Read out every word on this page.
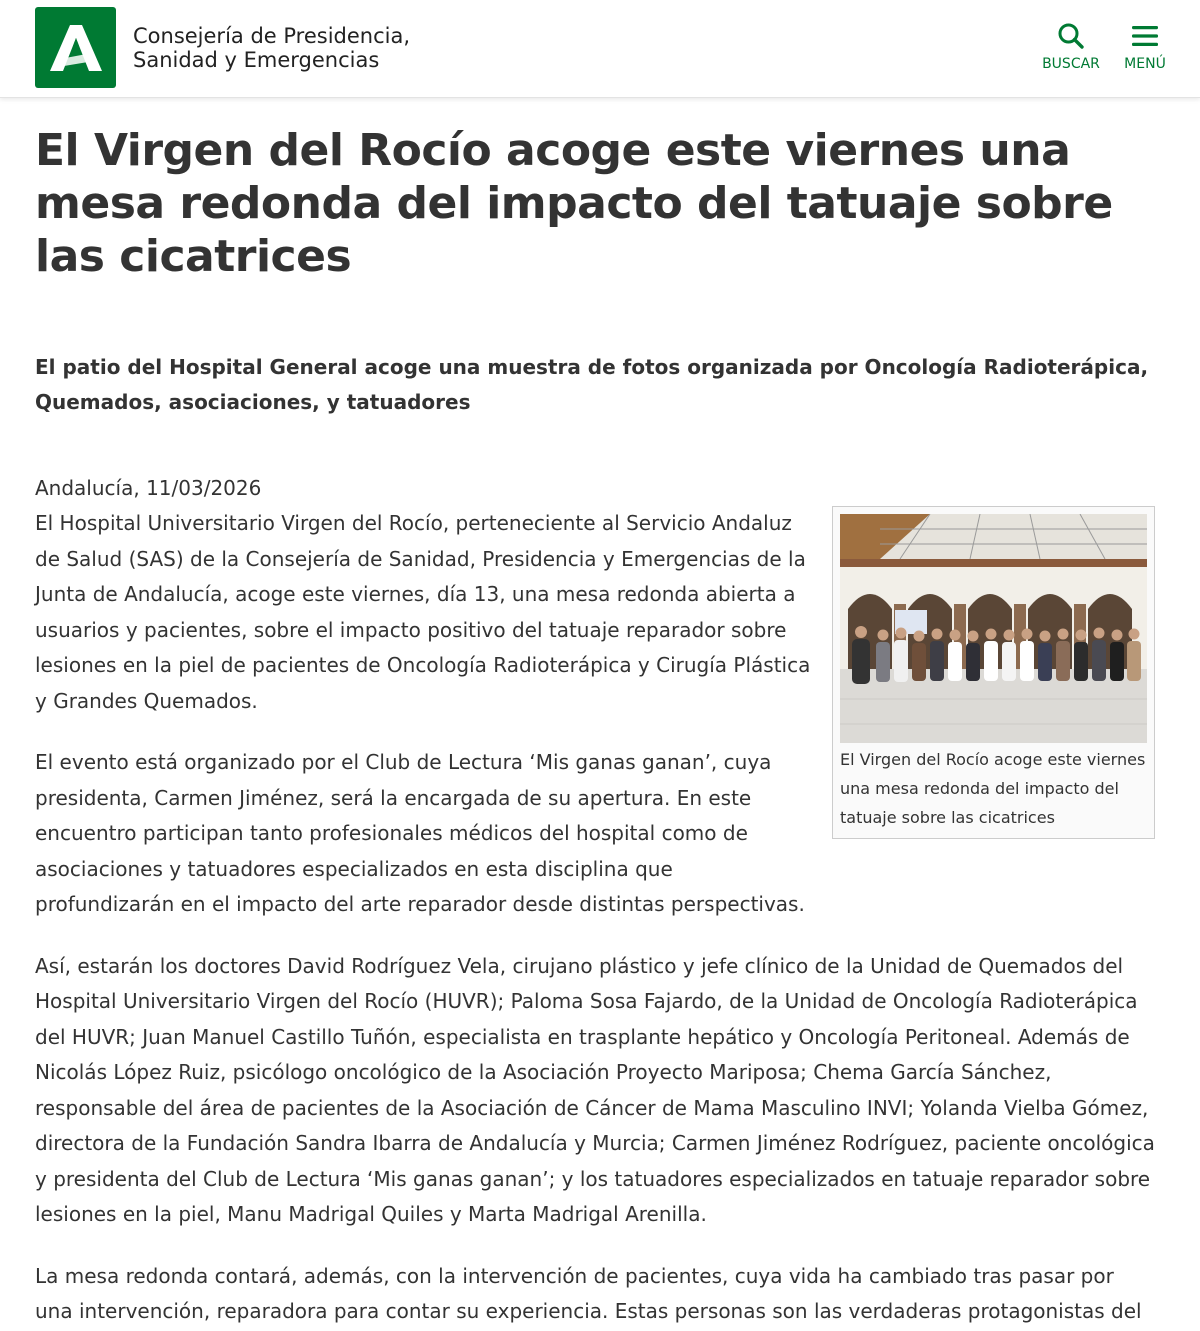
Consejería de Presidencia,
Sanidad y Emergencias	BUSCAR MENÚ
El Virgen del Rocío acoge este viernes una mesa redonda del impacto del tatuaje sobre las cicatrices
El patio del Hospital General acoge una muestra de fotos organizada por Oncología Radioterápica, Quemados, asociaciones, y tatuadores
Andalucía, 11/03/2026
El Virgen del Rocío acoge este viernes una mesa redonda del impacto del tatuaje sobre las cicatrices

El Hospital Universitario Virgen del Rocío, perteneciente al Servicio Andaluz de Salud (SAS) de la Consejería de Sanidad, Presidencia y Emergencias de la Junta de Andalucía, acoge este viernes, día 13, una mesa redonda abierta a usuarios y pacientes, sobre el impacto positivo del tatuaje reparador sobre lesiones en la piel de pacientes de Oncología Radioterápica y Cirugía Plástica y Grandes Quemados.

El evento está organizado por el Club de Lectura ‘Mis ganas ganan’, cuya presidenta, Carmen Jiménez, será la encargada de su apertura. En este encuentro participan tanto profesionales médicos del hospital como de asociaciones y tatuadores especializados en esta disciplina que profundizarán en el impacto del arte reparador desde distintas perspectivas.

Así, estarán los doctores David Rodríguez Vela, cirujano plástico y jefe clínico de la Unidad de Quemados del Hospital Universitario Virgen del Rocío (HUVR); Paloma Sosa Fajardo, de la Unidad de Oncología Radioterápica del HUVR; Juan Manuel Castillo Tuñón, especialista en trasplante hepático y Oncología Peritoneal. Además de Nicolás López Ruiz, psicólogo oncológico de la Asociación Proyecto Mariposa; Chema García Sánchez, responsable del área de pacientes de la Asociación de Cáncer de Mama Masculino INVI; Yolanda Vielba Gómez, directora de la Fundación Sandra Ibarra de Andalucía y Murcia; Carmen Jiménez Rodríguez, paciente oncológica y presidenta del Club de Lectura ‘Mis ganas ganan’; y los tatuadores especializados en tatuaje reparador sobre lesiones en la piel, Manu Madrigal Quiles y Marta Madrigal Arenilla.

La mesa redonda contará, además, con la intervención de pacientes, cuya vida ha cambiado tras pasar por una intervención, reparadora para contar su experiencia. Estas personas son las verdaderas protagonistas del
